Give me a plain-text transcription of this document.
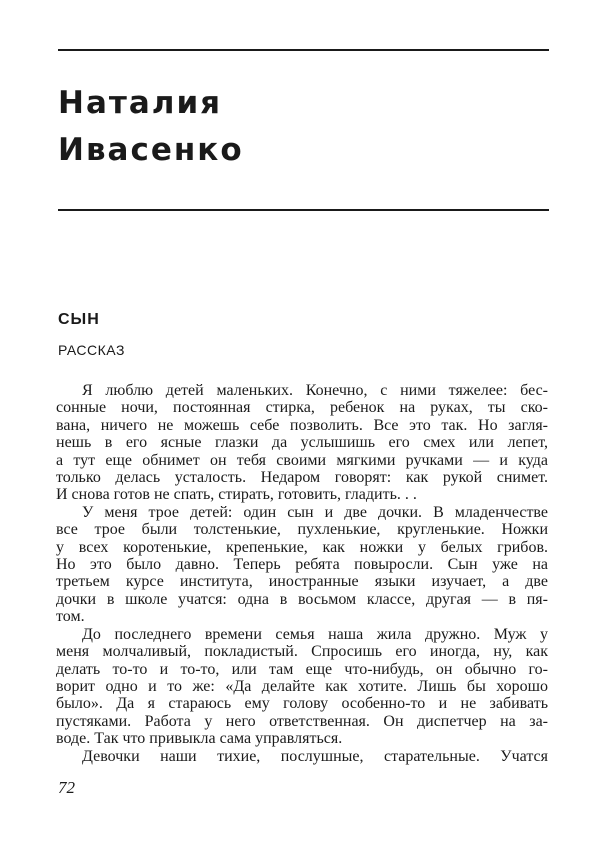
Наталия
Ивасенко
СЫН
РАССКАЗ
Я люблю детей маленьких. Конечно, с ними тяжелее: бес-
сонные ночи, постоянная стирка, ребенок на руках, ты ско-
вана, ничего не можешь себе позволить. Все это так. Но загля-
нешь в его ясные глазки да услышишь его смех или лепет,
а тут еще обнимет он тебя своими мягкими ручками — и куда
только делась усталость. Недаром говорят: как рукой снимет.
И снова готов не спать, стирать, готовить, гладить. . .
У меня трое детей: один сын и две дочки. В младенчестве
все трое были толстенькие, пухленькие, кругленькие. Ножки
у всех коротенькие, крепенькие, как ножки у белых грибов.
Но это было давно. Теперь ребята повыросли. Сын уже на
третьем курсе института, иностранные языки изучает, а две
дочки в школе учатся: одна в восьмом классе, другая — в пя-
том.
До последнего времени семья наша жила дружно. Муж у
меня молчаливый, покладистый. Спросишь его иногда, ну, как
делать то-то и то-то, или там еще что-нибудь, он обычно го-
ворит одно и то же: «Да делайте как хотите. Лишь бы хорошо
было». Да я стараюсь ему голову особенно-то и не забивать
пустяками. Работа у него ответственная. Он диспетчер на за-
воде. Так что привыкла сама управляться.
Девочки наши тихие, послушные, старательные. Учатся
72
